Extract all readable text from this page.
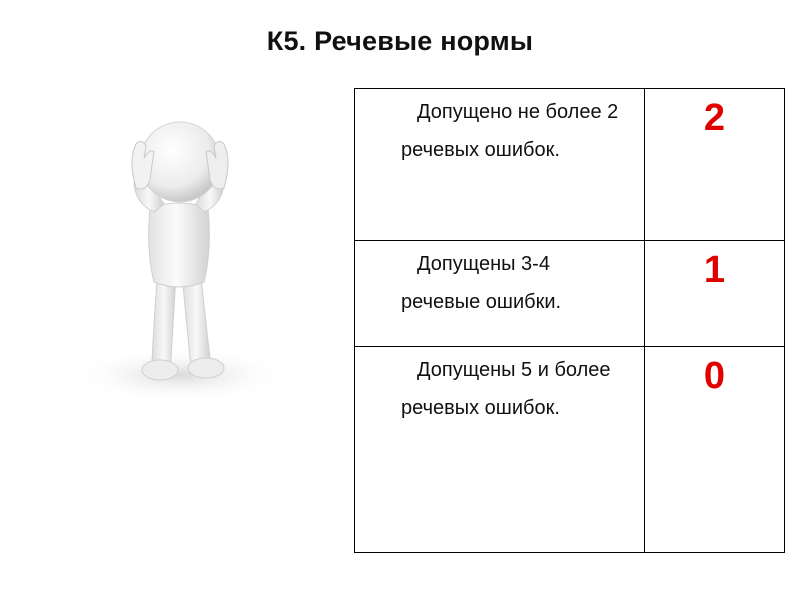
К5. Речевые нормы
Допущено не более 2 речевых ошибок.	2
Допущены 3-4 речевые ошибки.	1
Допущены 5 и более речевых ошибок.	0
